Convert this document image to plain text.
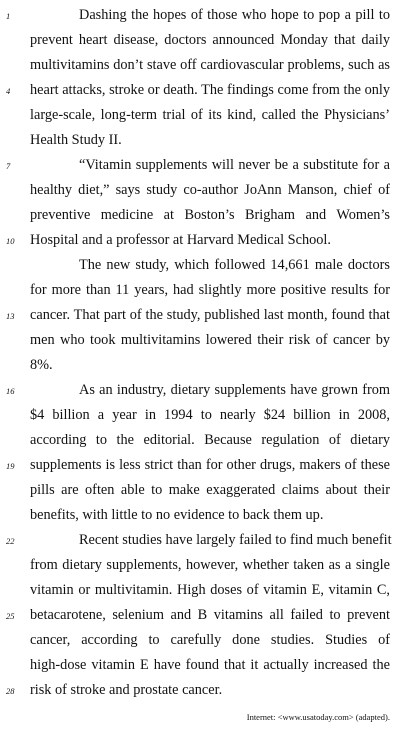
1	Dashing the hopes of those who hope to pop a pill to
prevent heart disease, doctors announced Monday that daily
multivitamins don’t stave off cardiovascular problems, such as
4	heart attacks, stroke or death. The findings come from the only
large-scale, long-term trial of its kind, called the Physicians’
Health Study II.
7	“Vitamin supplements will never be a substitute for a
healthy diet,” says study co-author JoAnn Manson, chief of
preventive medicine at Boston’s Brigham and Women’s
10	Hospital and a professor at Harvard Medical School.
The new study, which followed 14,661 male doctors
for more than 11 years, had slightly more positive results for
13	cancer. That part of the study, published last month, found that
men who took multivitamins lowered their risk of cancer by
8%.
16	As an industry, dietary supplements have grown from
$4 billion a year in 1994 to nearly $24 billion in 2008,
according to the editorial. Because regulation of dietary
19	supplements is less strict than for other drugs, makers of these
pills are often able to make exaggerated claims about their
benefits, with little to no evidence to back them up.
22	Recent studies have largely failed to find much benefit
from dietary supplements, however, whether taken as a single
vitamin or multivitamin. High doses of vitamin E, vitamin C,
25	betacarotene, selenium and B vitamins all failed to prevent
cancer, according to carefully done studies. Studies of
high-dose vitamin E have found that it actually increased the
28	risk of stroke and prostate cancer.
Internet: <www.usatoday.com> (adapted).
